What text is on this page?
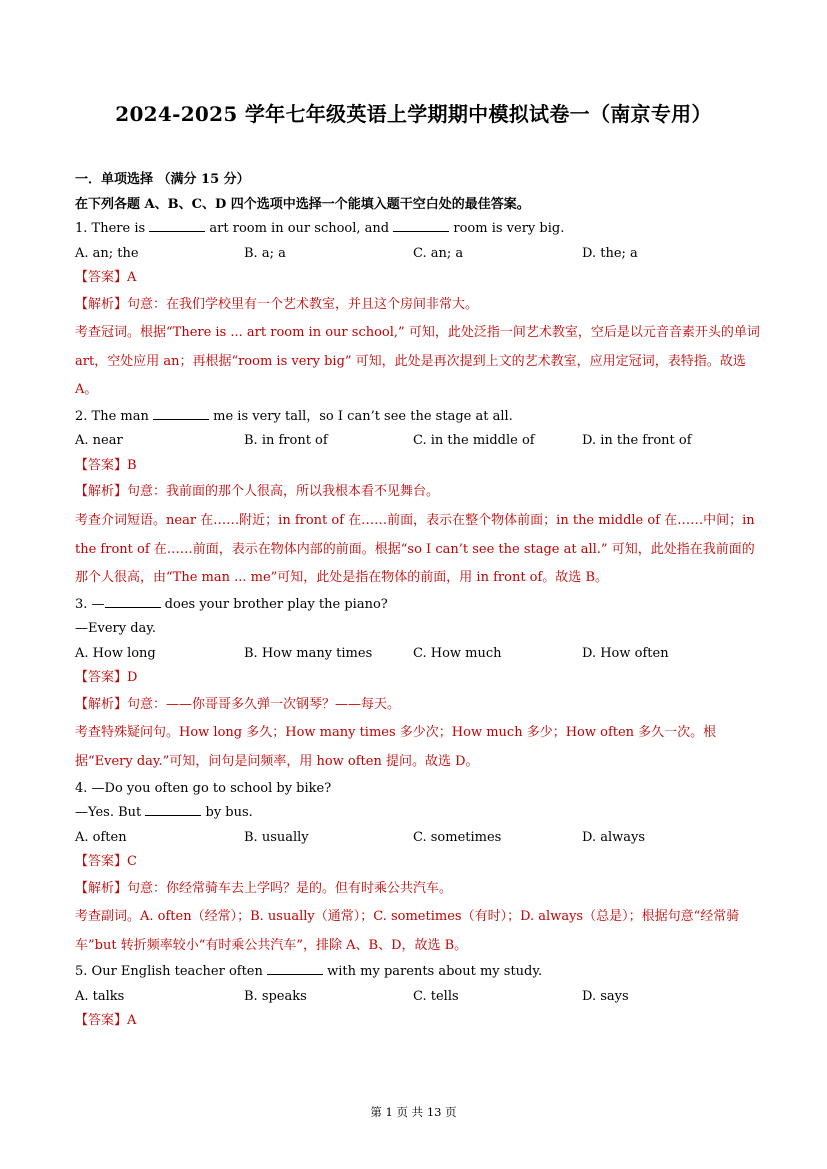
2024-2025 学年七年级英语上学期期中模拟试卷一（南京专用）
一．单项选择 （满分 15 分）
在下列各题 A、B、C、D 四个选项中选择一个能填入题干空白处的最佳答案。
1. There is	art room in our school, and	room is very big.
A. an; the	B. a; a	C. an; a	D. the; a
【答案】A
【解析】句意：在我们学校里有一个艺术教室，并且这个房间非常大。
考查冠词。根据“There is ... art room in our school,” 可知，此处泛指一间艺术教室，空后是以元音音素开头的单词 art，空处应用 an；再根据“room is very big” 可知，此处是再次提到上文的艺术教室，应用定冠词，表特指。故选 A。
2. The man	me is very tall，so I can’t see the stage at all.
A. near	B. in front of	C. in the middle of	D. in the front of
【答案】B
【解析】句意：我前面的那个人很高，所以我根本看不见舞台。
考查介词短语。near 在……附近；in front of 在……前面，表示在整个物体前面；in the middle of 在……中间；in the front of 在……前面，表示在物体内部的前面。根据“so I can’t see the stage at all.” 可知，此处指在我前面的那个人很高，由“The man ... me”可知，此处是指在物体的前面，用 in front of。故选 B。
3. —	does your brother play the piano?
—Every day.
A. How long	B. How many times	C. How much	D. How often
【答案】D
【解析】句意：——你哥哥多久弹一次钢琴？——每天。
考查特殊疑问句。How long 多久；How many times 多少次；How much 多少；How often 多久一次。根据“Every day.”可知，问句是问频率，用 how often 提问。故选 D。
4. —Do you often go to school by bike?
—Yes. But	by bus.
A. often	B. usually	C. sometimes	D. always
【答案】C
【解析】句意：你经常骑车去上学吗？是的。但有时乘公共汽车。
考查副词。A. often（经常）；B. usually（通常）；C. sometimes（有时）；D. always（总是）；根据句意“经常骑车”but 转折频率较小“有时乘公共汽车”，排除 A、B、D，故选 B。
5. Our English teacher often	with my parents about my study.
A. talks	B. speaks	C. tells	D. says
【答案】A
第 1 页 共 13 页
